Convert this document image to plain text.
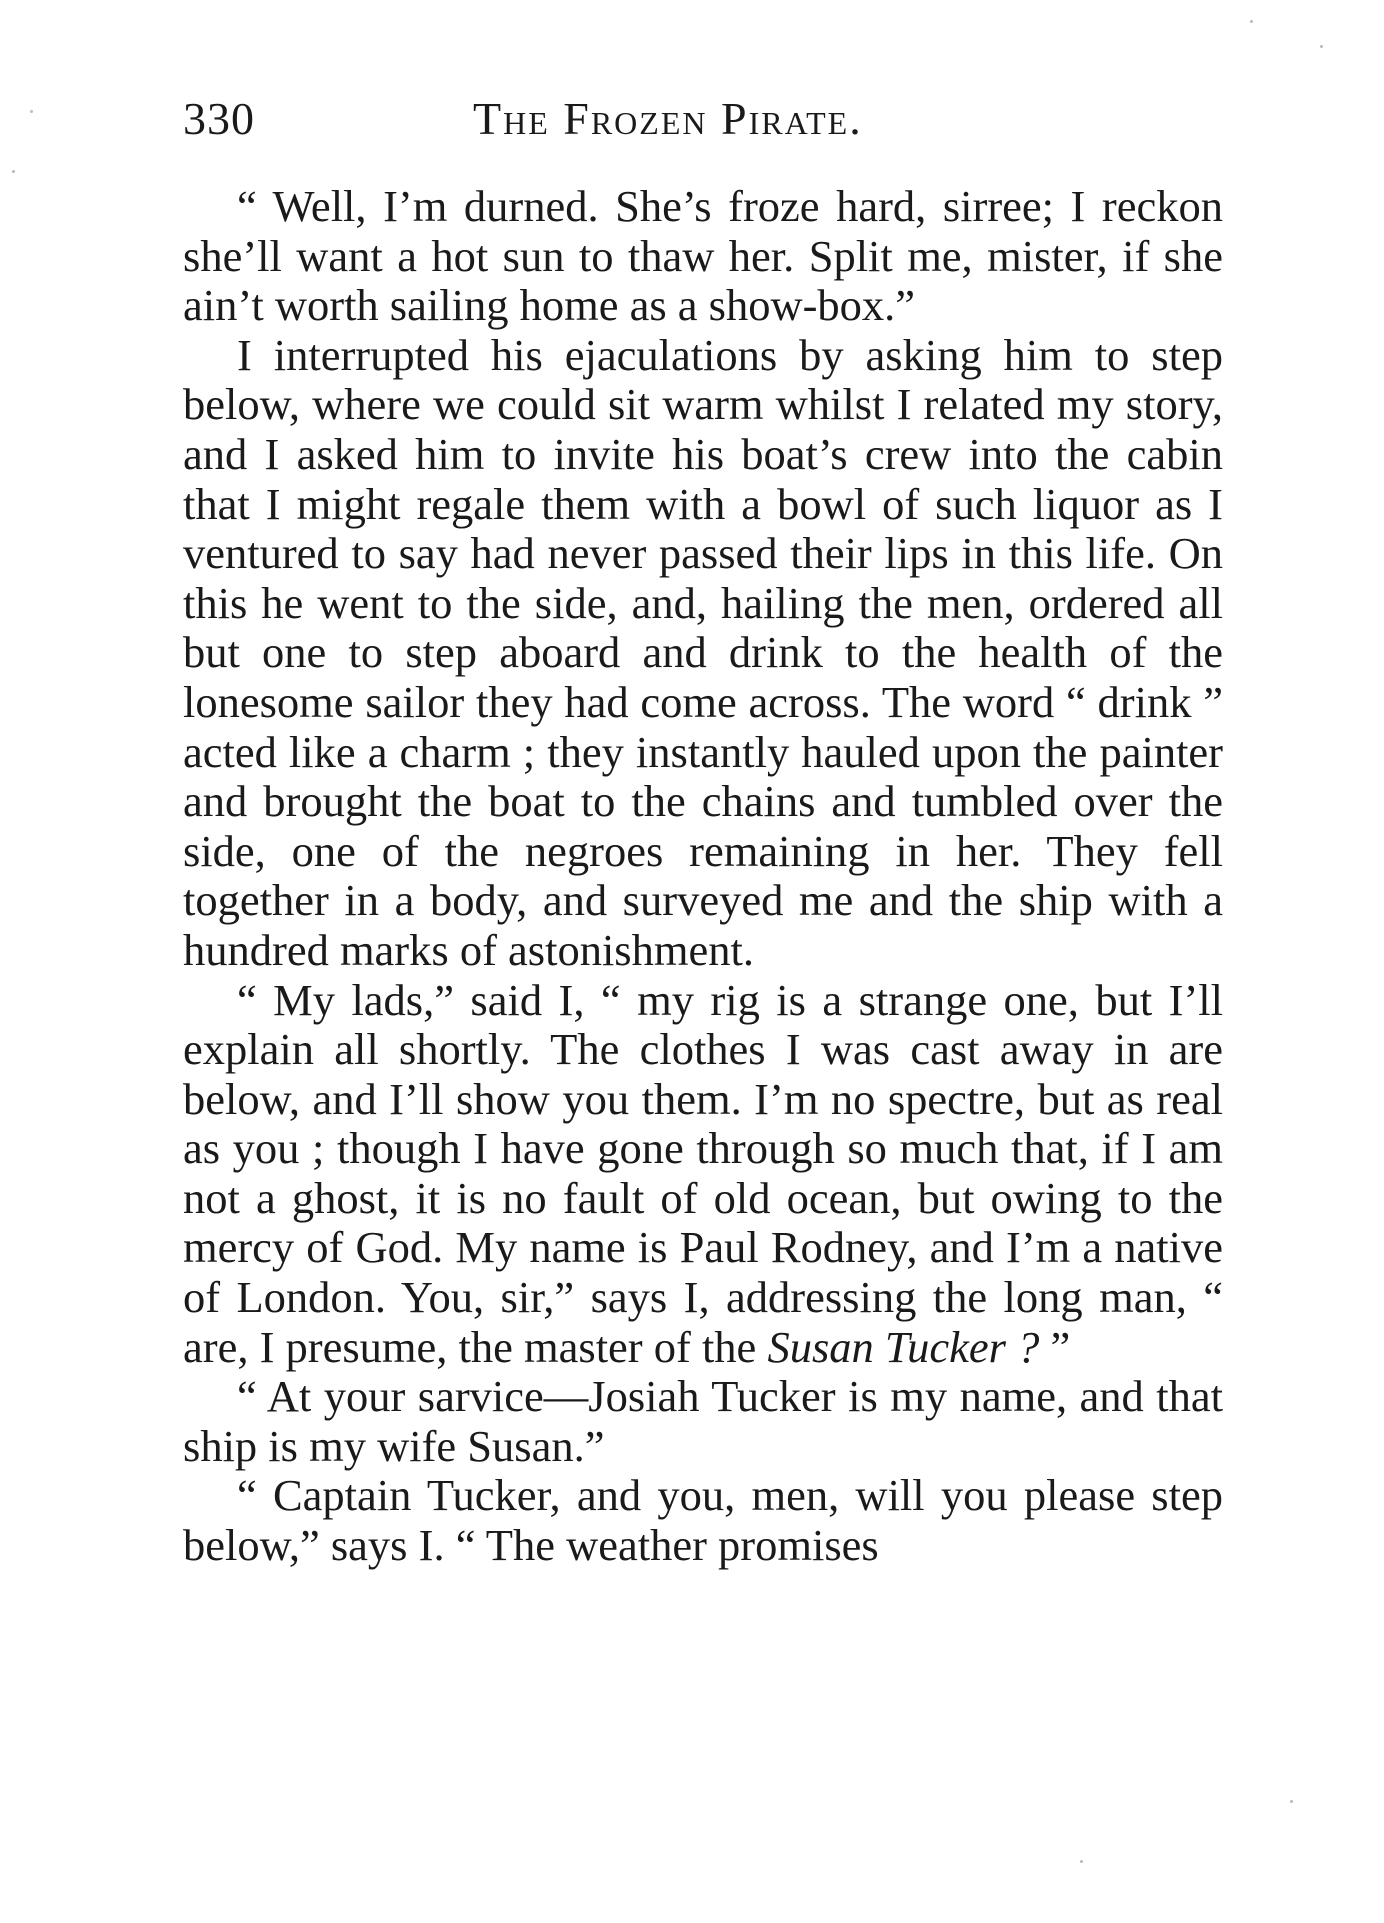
330	The Frozen Pirate.

“ Well, I’m durned. She’s froze hard, sirree; I reckon she’ll want a hot sun to thaw her. Split me, mister, if she ain’t worth sailing home as a show-box.”

I interrupted his ejaculations by asking him to step below, where we could sit warm whilst I related my story, and I asked him to invite his boat’s crew into the cabin that I might regale them with a bowl of such liquor as I ventured to say had never passed their lips in this life. On this he went to the side, and, hailing the men, ordered all but one to step aboard and drink to the health of the lonesome sailor they had come across. The word “ drink ” acted like a charm ; they instantly hauled upon the painter and brought the boat to the chains and tumbled over the side, one of the negroes remaining in her. They fell together in a body, and surveyed me and the ship with a hundred marks of astonishment.

“ My lads,” said I, “ my rig is a strange one, but I’ll explain all shortly. The clothes I was cast away in are below, and I’ll show you them. I’m no spectre, but as real as you ; though I have gone through so much that, if I am not a ghost, it is no fault of old ocean, but owing to the mercy of God. My name is Paul Rodney, and I’m a native of London. You, sir,” says I, addressing the long man, “ are, I presume, the master of the Susan Tucker ? ”

“ At your sarvice—Josiah Tucker is my name, and that ship is my wife Susan.”

“ Captain Tucker, and you, men, will you please step below,” says I. “ The weather promises
